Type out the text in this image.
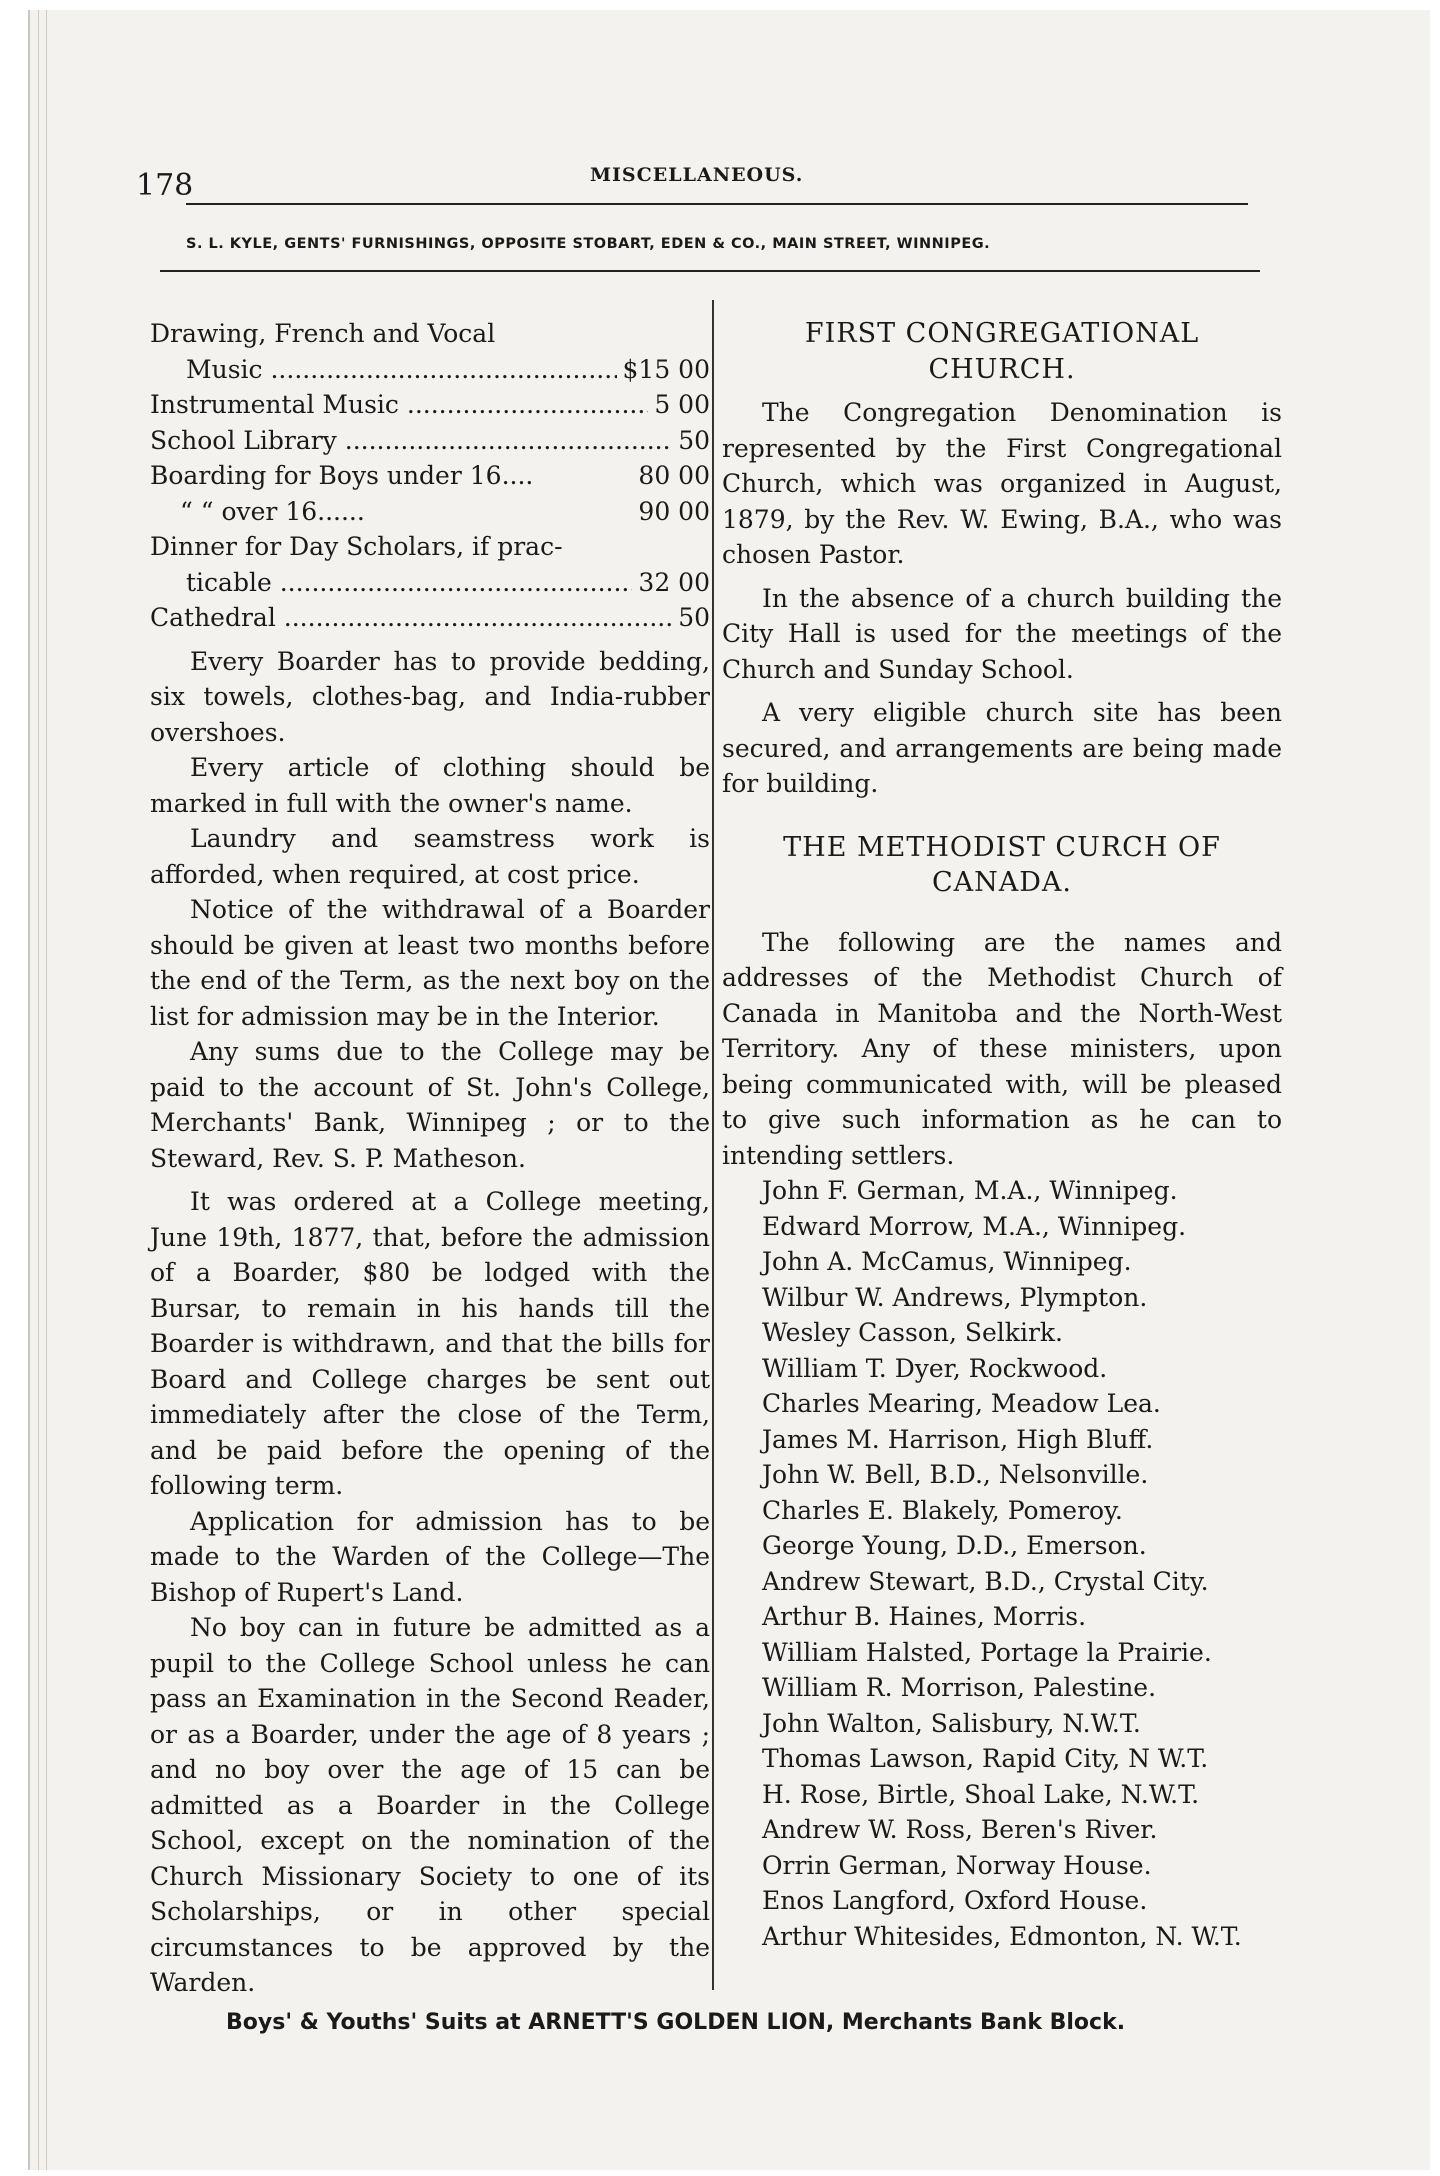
178	MISCELLANEOUS.
S. L. KYLE, GENTS' FURNISHINGS, OPPOSITE STOBART, EDEN & CO., MAIN STREET, WINNIPEG.
Drawing, French and Vocal
Music .....	$15 00
Instrumental Music .....	5 00
School Library .....	50
Boarding for Boys under 16....	80 00
“ “ over 16......	90 00
Dinner for Day Scholars, if prac-
ticable .....	32 00
Cathedral .....	50

Every Boarder has to provide bedding, six towels, clothes-bag, and India-rubber overshoes.

Every article of clothing should be marked in full with the owner's name.

Laundry and seamstress work is afforded, when required, at cost price.

Notice of the withdrawal of a Boarder should be given at least two months before the end of the Term, as the next boy on the list for admission may be in the Interior.

Any sums due to the College may be paid to the account of St. John's College, Merchants' Bank, Winnipeg ; or to the Steward, Rev. S. P. Matheson.

It was ordered at a College meeting, June 19th, 1877, that, before the admission of a Boarder, $80 be lodged with the Bursar, to remain in his hands till the Boarder is withdrawn, and that the bills for Board and College charges be sent out immediately after the close of the Term, and be paid before the opening of the following term.

Application for admission has to be made to the Warden of the College—The Bishop of Rupert's Land.

No boy can in future be admitted as a pupil to the College School unless he can pass an Examination in the Second Reader, or as a Boarder, under the age of 8 years ; and no boy over the age of 15 can be admitted as a Boarder in the College School, except on the nomination of the Church Missionary Society to one of its Scholarships, or in other special circumstances to be approved by the Warden.

FIRST CONGREGATIONAL

CHURCH.

The Congregation Denomination is represented by the First Congregational Church, which was organized in August, 1879, by the Rev. W. Ewing, B.A., who was chosen Pastor.

In the absence of a church building the City Hall is used for the meetings of the Church and Sunday School.

A very eligible church site has been secured, and arrangements are being made for building.

THE METHODIST CURCH OF

CANADA.

The following are the names and addresses of the Methodist Church of Canada in Manitoba and the North-West Territory. Any of these ministers, upon being communicated with, will be pleased to give such information as he can to intending settlers.

John F. German, M.A., Winnipeg.
Edward Morrow, M.A., Winnipeg.
John A. McCamus, Winnipeg.
Wilbur W. Andrews, Plympton.
Wesley Casson, Selkirk.
William T. Dyer, Rockwood.
Charles Mearing, Meadow Lea.
James M. Harrison, High Bluff.
John W. Bell, B.D., Nelsonville.
Charles E. Blakely, Pomeroy.
George Young, D.D., Emerson.
Andrew Stewart, B.D., Crystal City.
Arthur B. Haines, Morris.
William Halsted, Portage la Prairie.
William R. Morrison, Palestine.
John Walton, Salisbury, N.W.T.
Thomas Lawson, Rapid City, N W.T.
H. Rose, Birtle, Shoal Lake, N.W.T.
Andrew W. Ross, Beren's River.
Orrin German, Norway House.
Enos Langford, Oxford House.
Arthur Whitesides, Edmonton, N. W.T.
Boys' & Youths' Suits at ARNETT'S GOLDEN LION, Merchants Bank Block.
